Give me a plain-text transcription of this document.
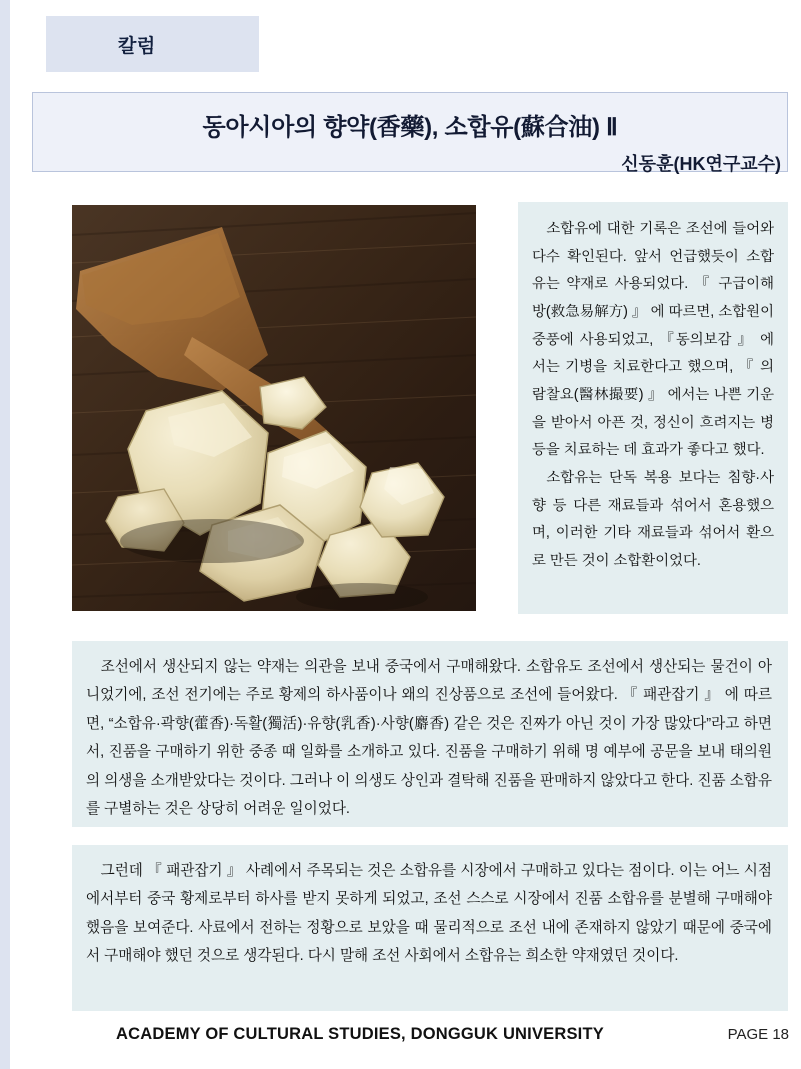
칼럼
동아시아의 향약(香藥), 소합유(蘇合油) Ⅱ
신동훈(HK연구교수)

소합유에 대한 기록은 조선에 들어와 다수 확인된다. 앞서 언급했듯이 소합유는 약재로 사용되었다. 『 구급이해방(救急易解方) 』 에 따르면, 소합원이 중풍에 사용되었고, 『동의보감 』 에서는 기병을 치료한다고 했으며, 『 의람찰요(醫林撮要) 』 에서는 나쁜 기운을 받아서 아픈 것, 정신이 흐려지는 병 등을 치료하는 데 효과가 좋다고 했다.

소합유는 단독 복용 보다는 침향·사향 등 다른 재료들과 섞어서 혼용했으며, 이러한 기타 재료들과 섞어서 환으로 만든 것이 소합환이었다.

조선에서 생산되지 않는 약재는 의관을 보내 중국에서 구매해왔다. 소합유도 조선에서 생산되는 물건이 아니었기에, 조선 전기에는 주로 황제의 하사품이나 왜의 진상품으로 조선에 들어왔다. 『 패관잡기 』 에 따르면, “소합유·곽향(藿香)·독활(獨活)·유향(乳香)·사향(麝香) 같은 것은 진짜가 아닌 것이 가장 많았다”라고 하면서, 진품을 구매하기 위한 중종 때 일화를 소개하고 있다. 진품을 구매하기 위해 명 예부에 공문을 보내 태의원의 의생을 소개받았다는 것이다. 그러나 이 의생도 상인과 결탁해 진품을 판매하지 않았다고 한다. 진품 소합유를 구별하는 것은 상당히 어려운 일이었다.

그런데 『 패관잡기 』 사례에서 주목되는 것은 소합유를 시장에서 구매하고 있다는 점이다. 이는 어느 시점에서부터 중국 황제로부터 하사를 받지 못하게 되었고, 조선 스스로 시장에서 진품 소합유를 분별해 구매해야 했음을 보여준다. 사료에서 전하는 정황으로 보았을 때 물리적으로 조선 내에 존재하지 않았기 때문에 중국에서 구매해야 했던 것으로 생각된다. 다시 말해 조선 사회에서 소합유는 희소한 약재였던 것이다.

ACADEMY OF CULTURAL STUDIES, DONGGUK UNIVERSITY	PAGE 18
